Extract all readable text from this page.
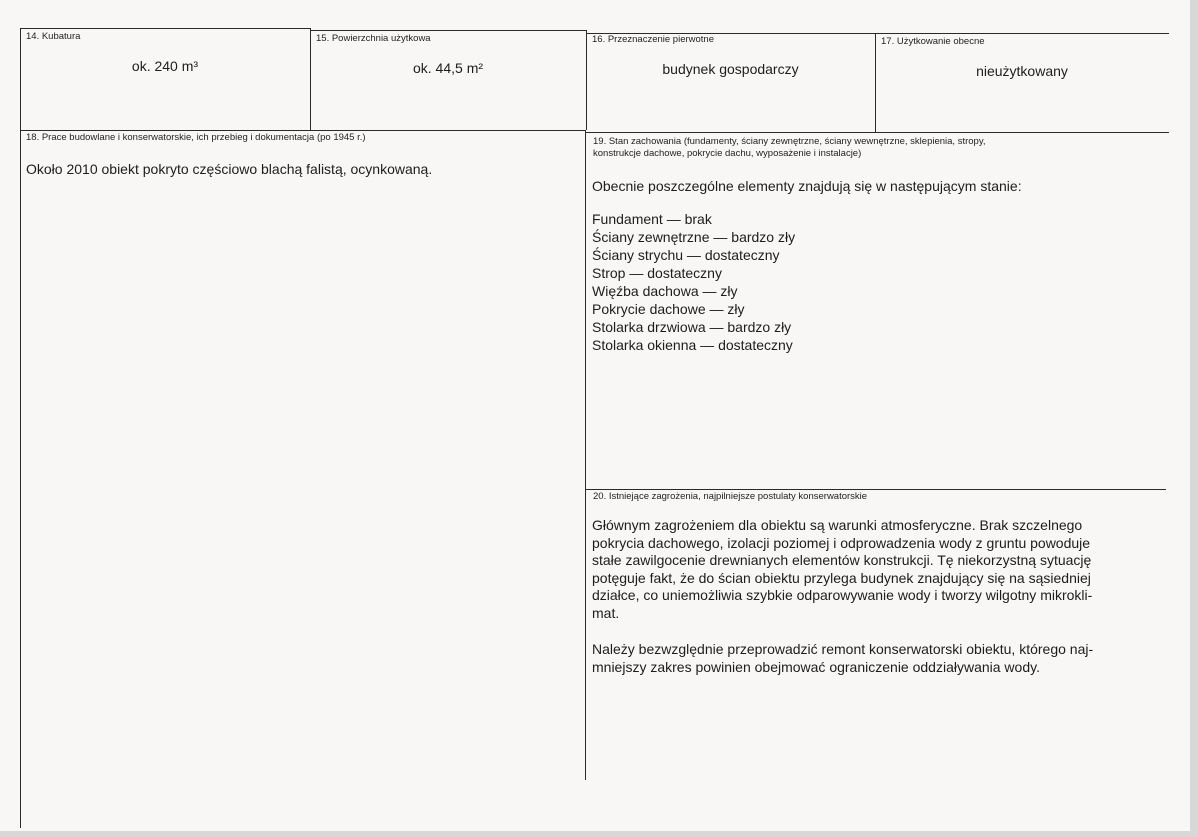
14. Kubatura
ok. 240 m³
15. Powierzchnia użytkowa
ok. 44,5 m²
16. Przeznaczenie pierwotne
budynek gospodarczy
17. Użytkowanie obecne
nieużytkowany
18. Prace budowlane i konserwatorskie, ich przebieg i dokumentacja (po 1945 r.)
Około 2010 obiekt pokryto częściowo blachą falistą, ocynkowaną.
19. Stan zachowania (fundamenty, ściany zewnętrzne, ściany wewnętrzne, sklepienia, stropy,
konstrukcje dachowe, pokrycie dachu, wyposażenie i instalacje)
Obecnie poszczególne elementy znajdują się w następującym stanie:
Fundament — brak
Ściany zewnętrzne — bardzo zły
Ściany strychu — dostateczny
Strop — dostateczny
Więźba dachowa — zły
Pokrycie dachowe — zły
Stolarka drzwiowa — bardzo zły
Stolarka okienna — dostateczny
20. Istniejące zagrożenia, najpilniejsze postulaty konserwatorskie

Głównym zagrożeniem dla obiektu są warunki atmosferyczne. Brak szczelnego

pokrycia dachowego, izolacji poziomej i odprowadzenia wody z gruntu powoduje

stałe zawilgocenie drewnianych elementów konstrukcji. Tę niekorzystną sytuację

potęguje fakt, że do ścian obiektu przylega budynek znajdujący się na sąsiedniej

działce, co uniemożliwia szybkie odparowywanie wody i tworzy wilgotny mikrokli-

mat.

Należy bezwzględnie przeprowadzić remont konserwatorski obiektu, którego naj-

mniejszy zakres powinien obejmować ograniczenie oddziaływania wody.
